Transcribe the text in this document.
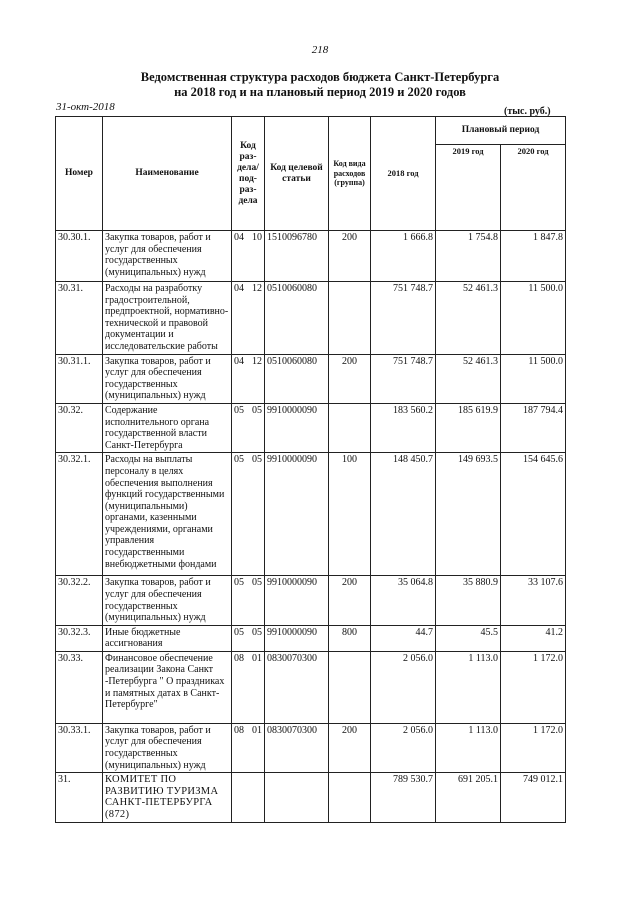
218
Ведомственная структура расходов бюджета Санкт-Петербурга
на 2018 год и на плановый период 2019 и 2020 годов
31-окт-2018	(тыс. руб.)
Номер	Наименование	Код раз- дела/ под- раз- дела	Код целевой статьи	Код вида расходов (группа)	2018 год	Плановый период	
						2019 год	2020 год
30.30.1.	Закупка товаров, работ и услуг для обеспечения государственных (муниципальных) нужд	04 10	1510096780	200	1 666.8	1 754.8	1 847.8
30.31.	Расходы на разработку градостроительной, предпроектной, нормативно-технической и правовой документации и исследовательские работы	04 12	0510060080		751 748.7	52 461.3	11 500.0
30.31.1.	Закупка товаров, работ и услуг для обеспечения государственных (муниципальных) нужд	04 12	0510060080	200	751 748.7	52 461.3	11 500.0
30.32.	Содержание исполнительного органа государственной власти Санкт-Петербурга	05 05	9910000090		183 560.2	185 619.9	187 794.4
30.32.1.	Расходы на выплаты персоналу в целях обеспечения выполнения функций государственными (муниципальными) органами, казенными учреждениями, органами управления государственными внебюджетными фондами	05 05	9910000090	100	148 450.7	149 693.5	154 645.6
30.32.2.	Закупка товаров, работ и услуг для обеспечения государственных (муниципальных) нужд	05 05	9910000090	200	35 064.8	35 880.9	33 107.6
30.32.3.	Иные бюджетные ассигнования	05 05	9910000090	800	44.7	45.5	41.2
30.33.	Финансовое обеспечение реализации Закона Санкт -Петербурга " О праздниках и памятных датах в Санкт-Петербурге"	08 01	0830070300		2 056.0	1 113.0	1 172.0
30.33.1.	Закупка товаров, работ и услуг для обеспечения государственных (муниципальных) нужд	08 01	0830070300	200	2 056.0	1 113.0	1 172.0
31.	КОМИТЕТ ПО РАЗВИТИЮ ТУРИЗМА САНКТ-ПЕТЕРБУРГА (872)				789 530.7	691 205.1	749 012.1
